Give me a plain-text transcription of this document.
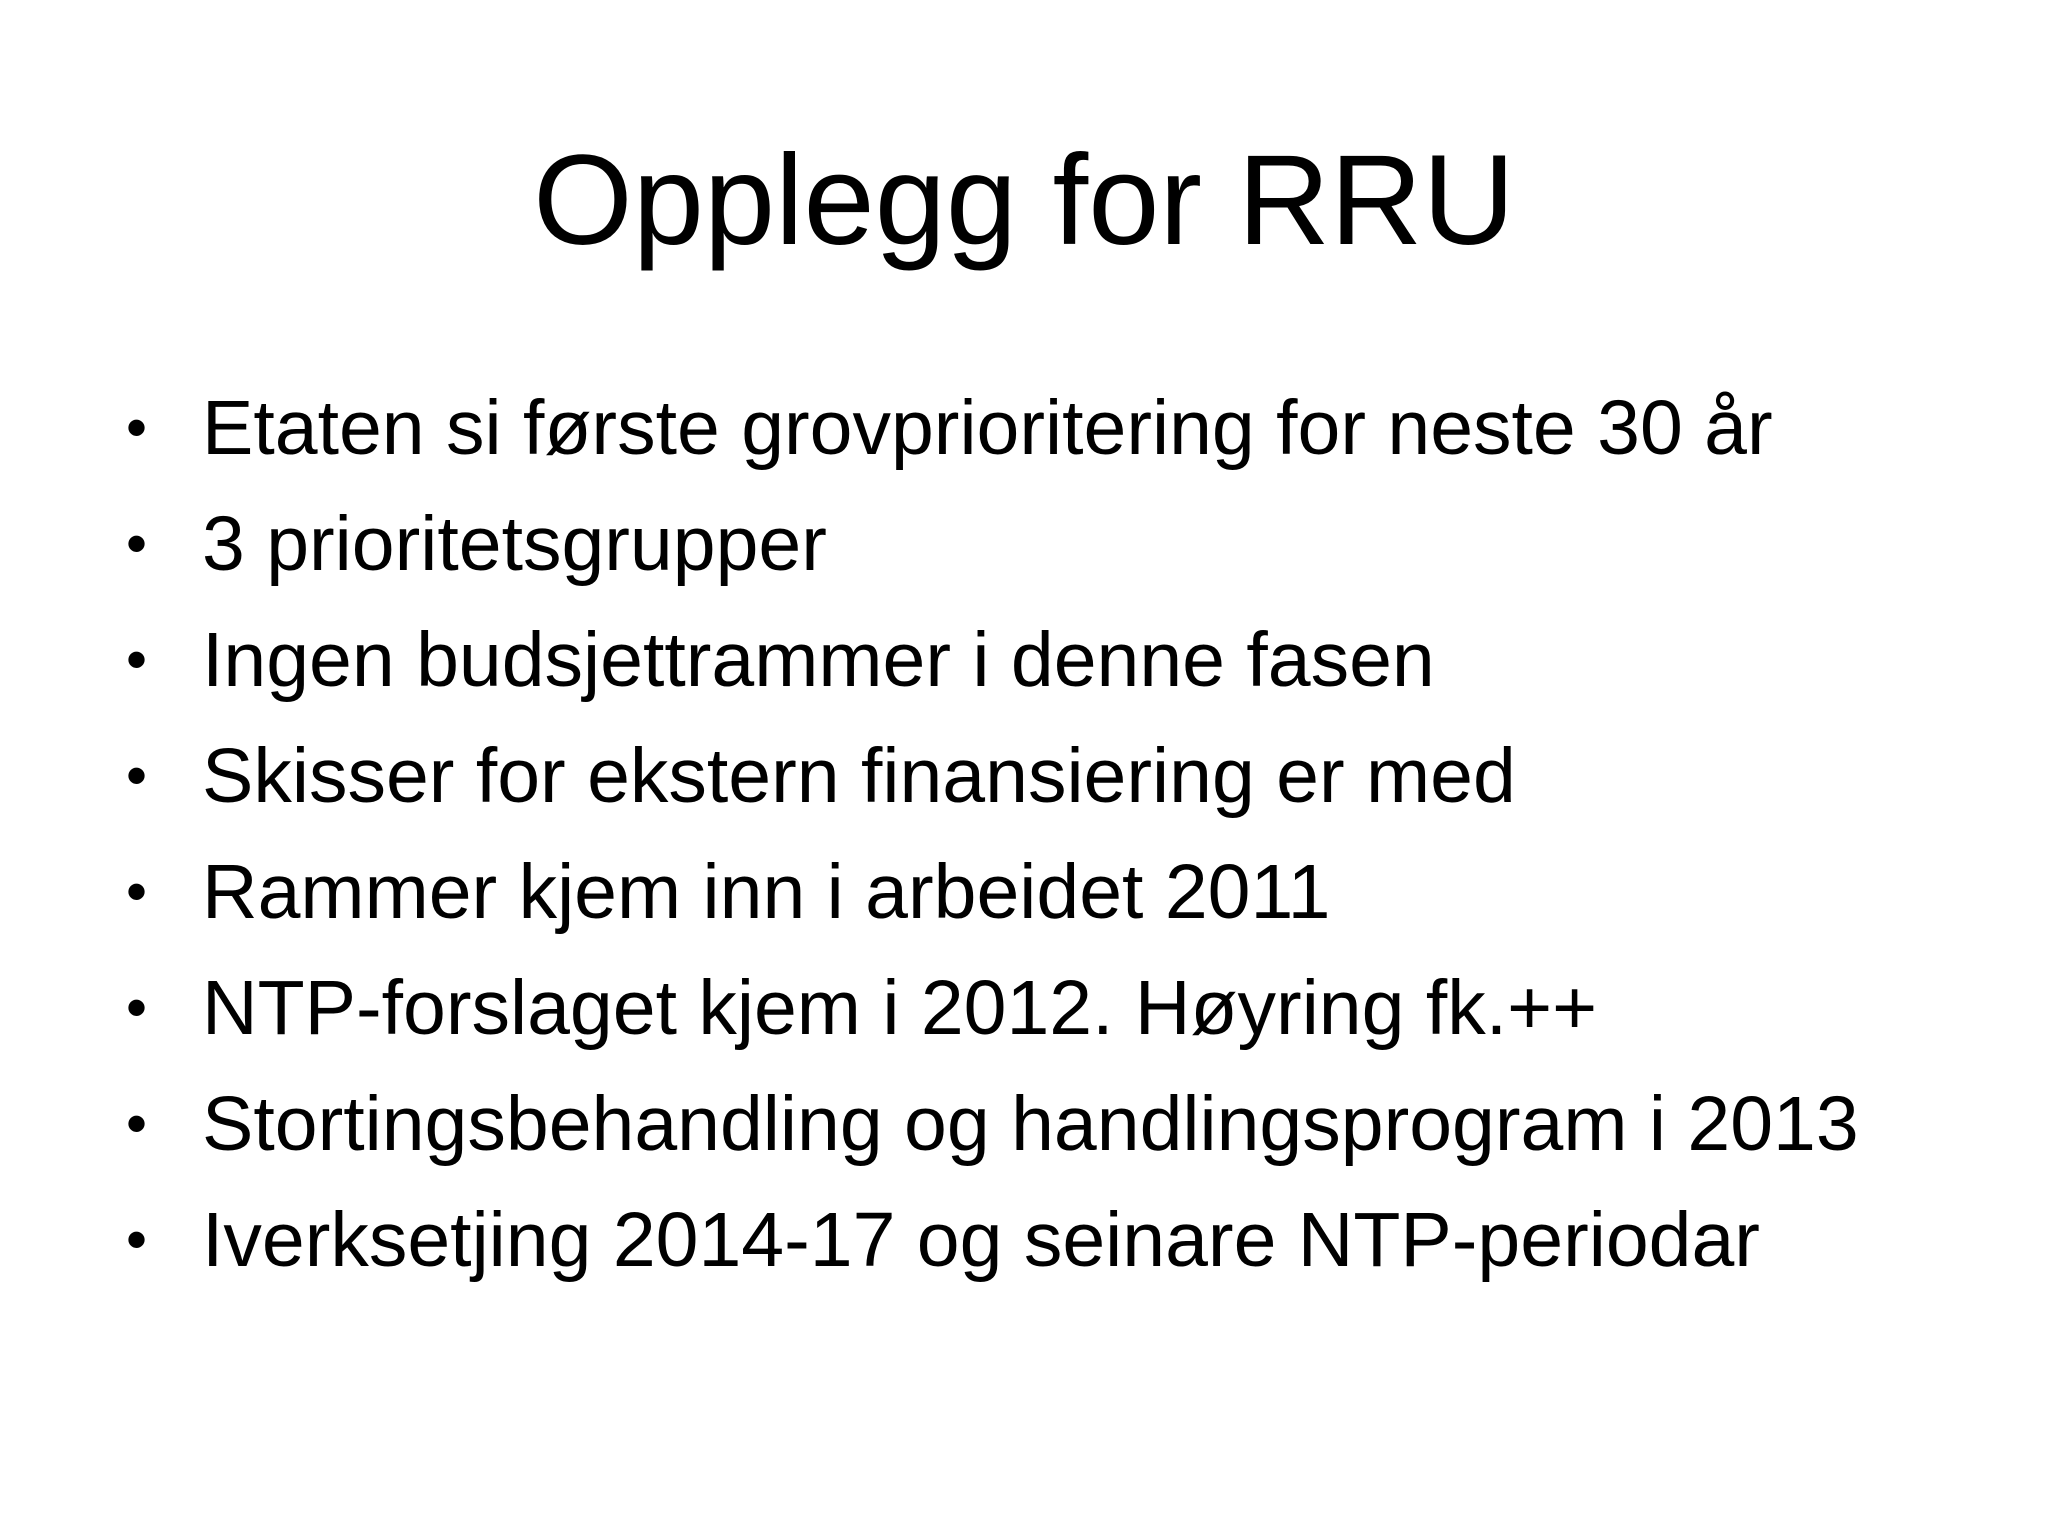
Opplegg for RRU
• Etaten si første grovprioritering for neste 30 år
• 3 prioritetsgrupper
• Ingen budsjettrammer i denne fasen
• Skisser for ekstern finansiering er med
• Rammer kjem inn i arbeidet 2011
• NTP-forslaget kjem i 2012. Høyring fk.++
• Stortingsbehandling og handlingsprogram i 2013
• Iverksetjing 2014-17 og seinare NTP-periodar
